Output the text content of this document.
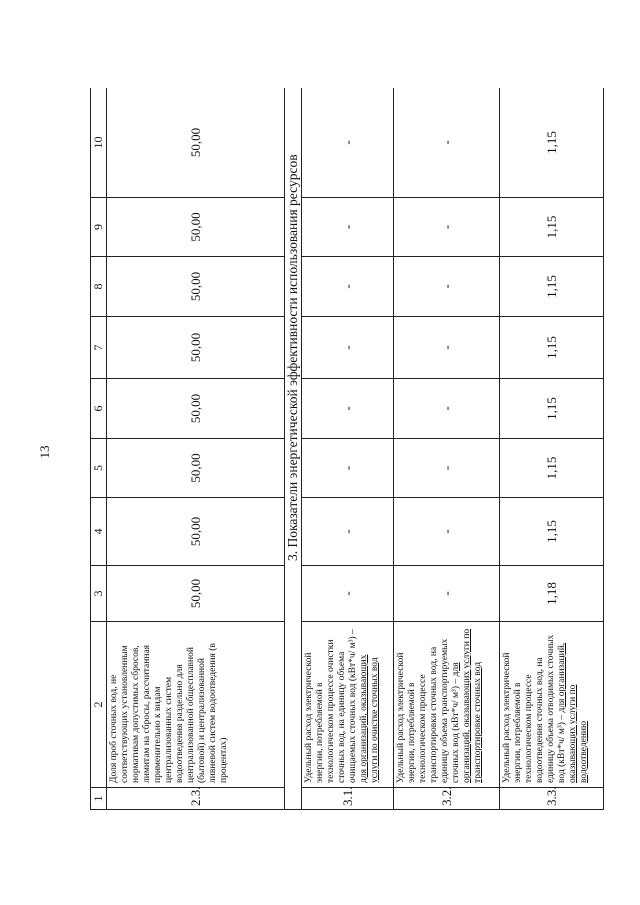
13
1	2	3	4	5	6	7	8	9	10
2.3.	Доля проб сточных вод, не соответствующих установленным нормативам допустимых сбросов, лимитам на сбросы, рассчитанная применительно к видам централизованных систем водоотведения раздельно для централизованной общесплавной (бытовой) и централизованной ливневой систем водоотведения (в процентах)	50,00	50,00	50,00	50,00	50,00	50,00	50,00	50,00
3. Показатели энергетической эффективности использования ресурсов									
3.1.	Удельный расход электрической энергии, потребляемой в технологическом процессе очистки сточных вод, на единицу объема очищаемых сточных вод (кВт*ч/ м³) – для организаций, оказывающих услуги по очистке сточных вод	-	-	-	-	-	-	-	-
3.2.	Удельный расход электрической энергии, потребляемой в технологическом процессе транспортировки сточных вод, на единицу объема транспортируемых сточных вод (кВт*ч/ м³) – для организаций, оказывающих услуги по транспортировке сточных вод	-	-	-	-	-	-	-	-
3.3.	Удельный расход электрической энергии, потребляемой в технологическом процессе водоотведения сточных вод, на единицу объема отводимых сточных вод (кВт*ч/ м³) – для организаций, оказывающих услуги по водоотведению	1,18	1,15	1,15	1,15	1,15	1,15	1,15	1,15
